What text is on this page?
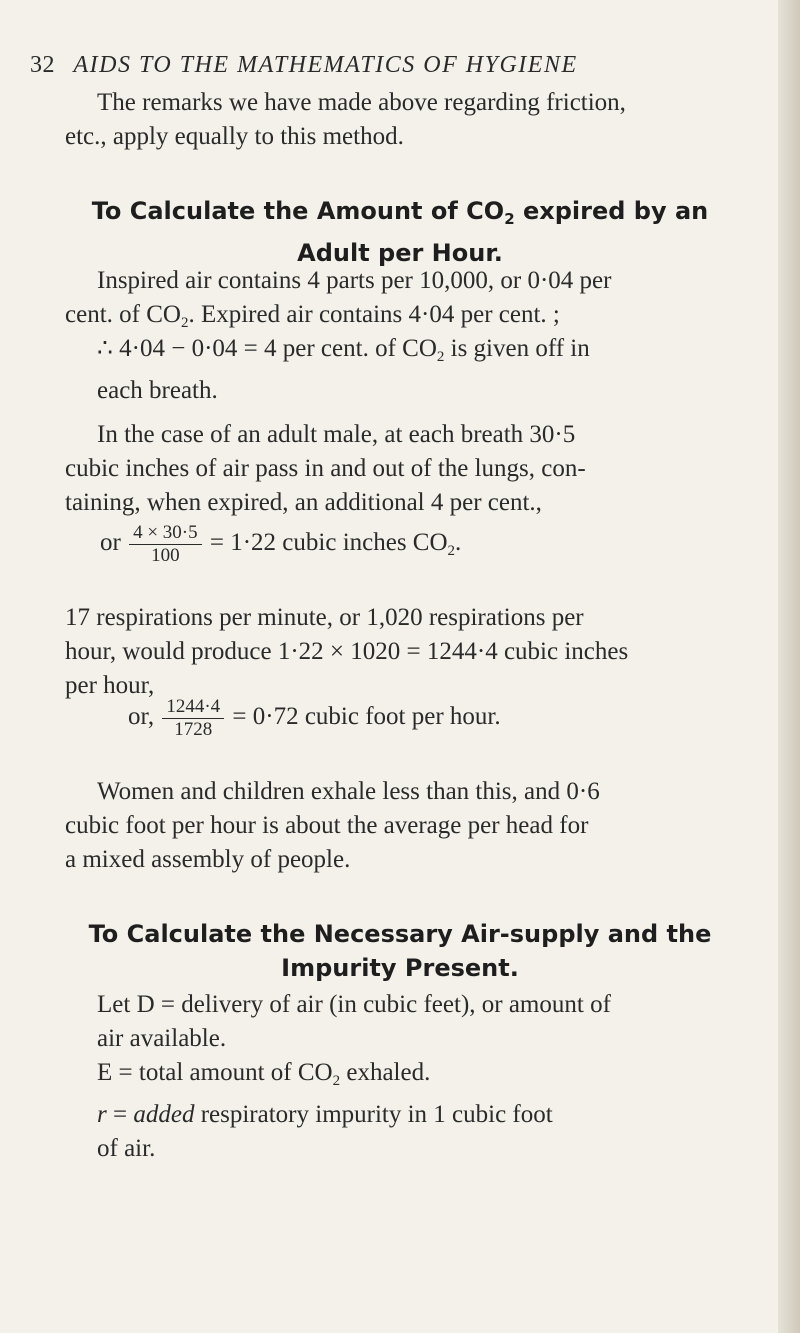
32 AIDS TO THE MATHEMATICS OF HYGIENE
The remarks we have made above regarding friction,
etc., apply equally to this method.
To Calculate the Amount of $CO_2$ expired by an
Adult per Hour.
Inspired air contains 4 parts per 10,000, or 0·04 per
cent. of $CO_2$. Expired air contains 4·04 per cent. ;
∴ 4·04 − 0·04 = 4 per cent. of $CO_2$ is given off in
each breath.
In the case of an adult male, at each breath 30·5
cubic inches of air pass in and out of the lungs, con-
taining, when expired, an additional 4 per cent.,
or $\frac{4 \times 30\cdot 5}{100} = 1\cdot 22$ cubic inches $CO_2$.
17 respirations per minute, or 1,020 respirations per
hour, would produce 1·22 × 1020 = 1244·4 cubic inches
per hour,
or, $\frac{1244\cdot 4}{1728} = 0\cdot 72$ cubic foot per hour.
Women and children exhale less than this, and 0·6
cubic foot per hour is about the average per head for
a mixed assembly of people.
To Calculate the Necessary Air-supply and the
Impurity Present.
Let D = delivery of air (in cubic feet), or amount of
air available.
E = total amount of $CO_2$ exhaled.
r = added respiratory impurity in 1 cubic foot
of air.
